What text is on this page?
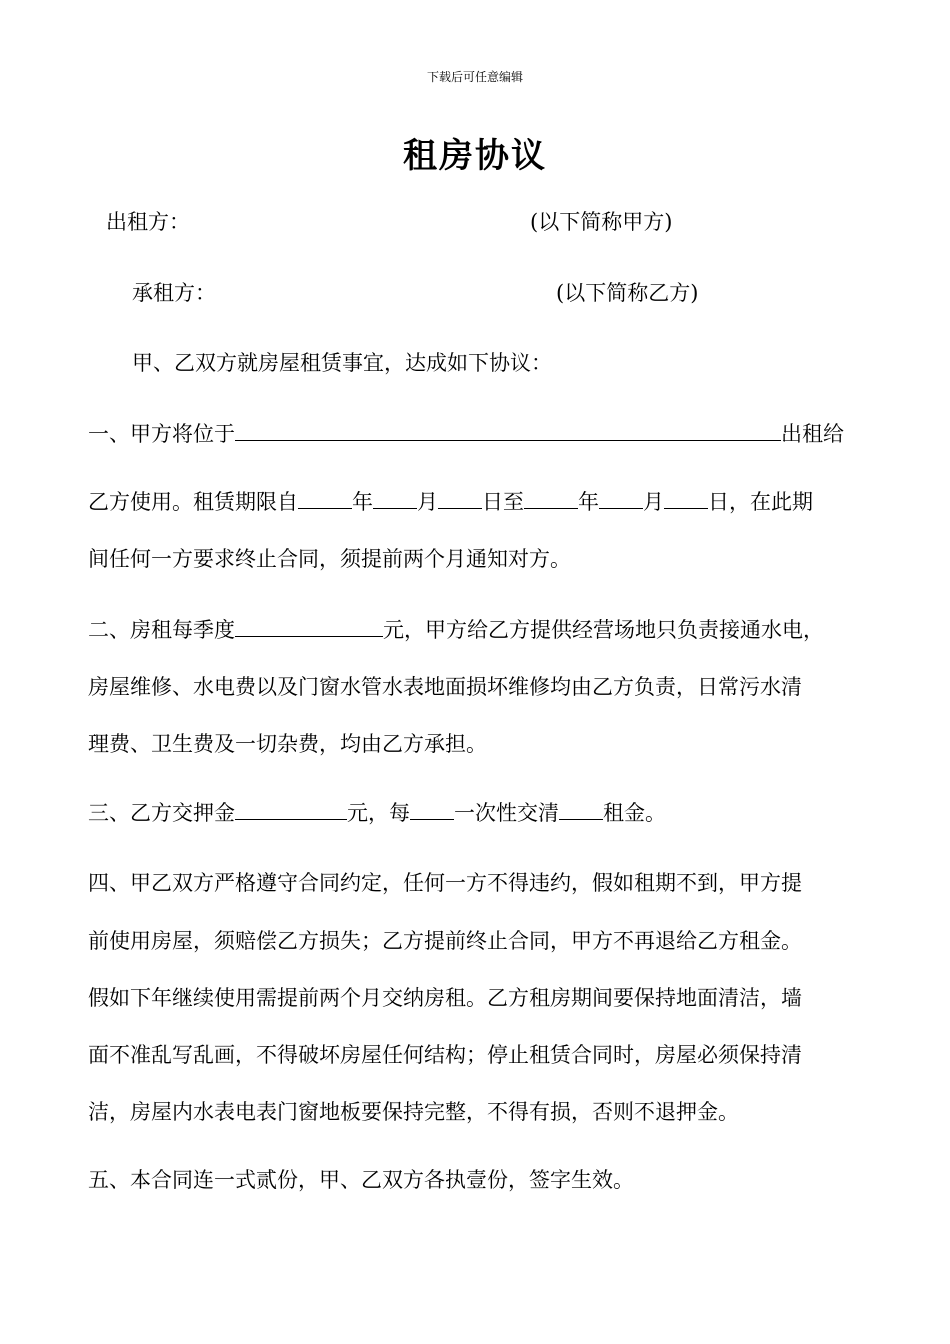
下载后可任意编辑
租房协议
出租方：	(以下简称甲方)
承租方：	(以下简称乙方)
甲、乙双方就房屋租赁事宜，达成如下协议：
一、甲方将位于	出租给
乙方使用。租赁期限自	年 月 日至	年 月 日，在此期
间任何一方要求终止合同，须提前两个月通知对方。
二、房租每季度	元，甲方给乙方提供经营场地只负责接通水电，
房屋维修、水电费以及门窗水管水表地面损坏维修均由乙方负责，日常污水清
理费、卫生费及一切杂费，均由乙方承担。
三、乙方交押金	元，每 一次性交清 租金。
四、甲乙双方严格遵守合同约定，任何一方不得违约，假如租期不到，甲方提
前使用房屋，须赔偿乙方损失；乙方提前终止合同，甲方不再退给乙方租金。
假如下年继续使用需提前两个月交纳房租。乙方租房期间要保持地面清洁，墙
面不准乱写乱画，不得破坏房屋任何结构；停止租赁合同时，房屋必须保持清
洁，房屋内水表电表门窗地板要保持完整，不得有损，否则不退押金。
五、本合同连一式贰份，甲、乙双方各执壹份，签字生效。
